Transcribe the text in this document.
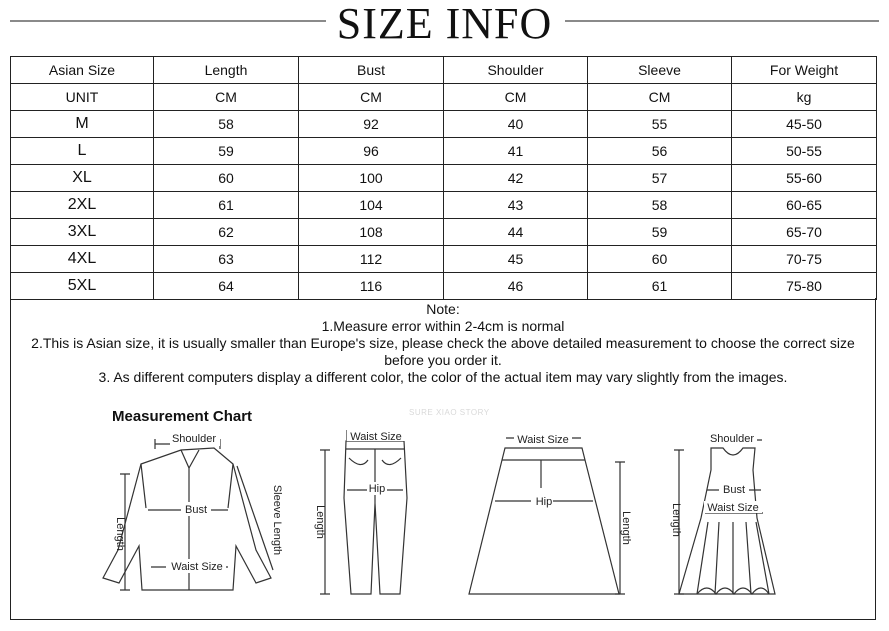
SIZE INFO
Asian Size	Length	Bust	Shoulder	Sleeve	For Weight
UNIT	CM	CM	CM	CM	kg
M	58	92	40	55	45-50
L	59	96	41	56	50-55
XL	60	100	42	57	55-60
2XL	61	104	43	58	60-65
3XL	62	108	44	59	65-70
4XL	63	112	45	60	70-75
5XL	64	116	46	61	75-80
Note:
1.Measure error within 2-4cm is normal
2.This is Asian size, it is usually smaller than Europe's size, please check the above detailed measurement to choose the correct size
before you order it.
3. As different computers display a different color, the color of the actual item may vary slightly from the images.
Measurement Chart	SURE XIAO STORY
Shoulder
Bust
Waist Size
Length	Sleeve Length
Waist Size
Hip
Length
Waist Size
Hip
Length
Shoulder
Bust
Waist Size
Length
